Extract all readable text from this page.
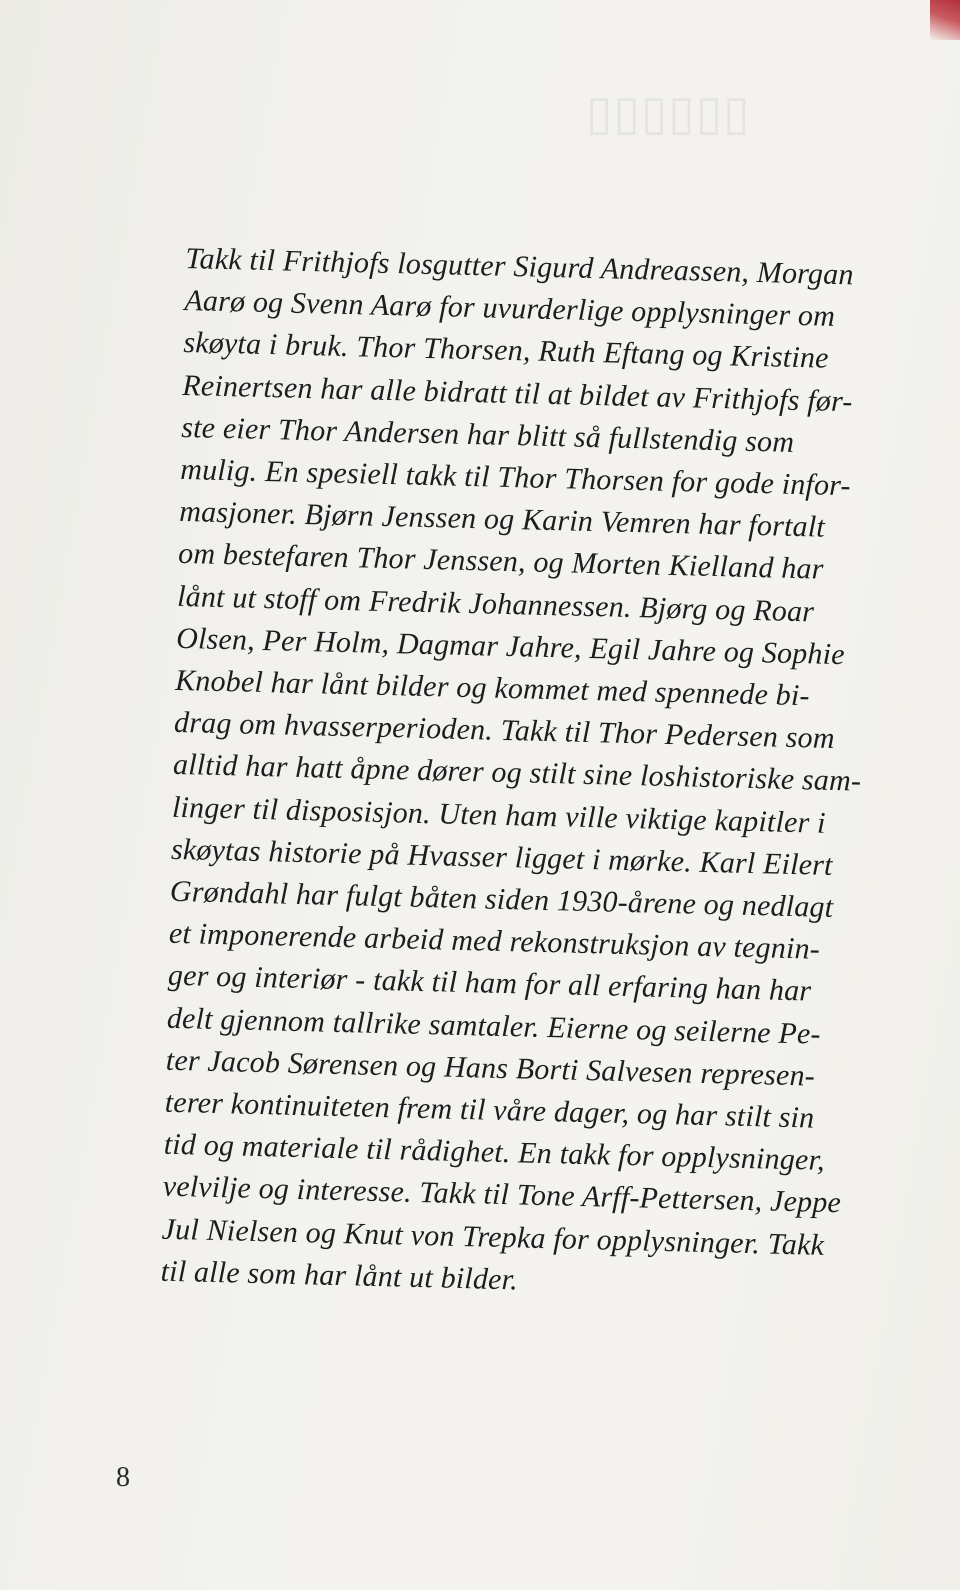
▯▯▯▯▯▯
Takk til Frithjofs losgutter Sigurd Andreassen, Morgan
Aarø og Svenn Aarø for uvurderlige opplysninger om
skøyta i bruk. Thor Thorsen, Ruth Eftang og Kristine
Reinertsen har alle bidratt til at bildet av Frithjofs før-
ste eier Thor Andersen har blitt så fullstendig som
mulig. En spesiell takk til Thor Thorsen for gode infor-
masjoner. Bjørn Jenssen og Karin Vemren har fortalt
om bestefaren Thor Jenssen, og Morten Kielland har
lånt ut stoff om Fredrik Johannessen. Bjørg og Roar
Olsen, Per Holm, Dagmar Jahre, Egil Jahre og Sophie
Knobel har lånt bilder og kommet med spennede bi-
drag om hvasserperioden. Takk til Thor Pedersen som
alltid har hatt åpne dører og stilt sine loshistoriske sam-
linger til disposisjon. Uten ham ville viktige kapitler i
skøytas historie på Hvasser ligget i mørke. Karl Eilert
Grøndahl har fulgt båten siden 1930-årene og nedlagt
et imponerende arbeid med rekonstruksjon av tegnin-
ger og interiør - takk til ham for all erfaring han har
delt gjennom tallrike samtaler. Eierne og seilerne Pe-
ter Jacob Sørensen og Hans Borti Salvesen represen-
terer kontinuiteten frem til våre dager, og har stilt sin
tid og materiale til rådighet. En takk for opplysninger,
velvilje og interesse. Takk til Tone Arff-Pettersen, Jeppe
Jul Nielsen og Knut von Trepka for opplysninger. Takk
til alle som har lånt ut bilder.
8
